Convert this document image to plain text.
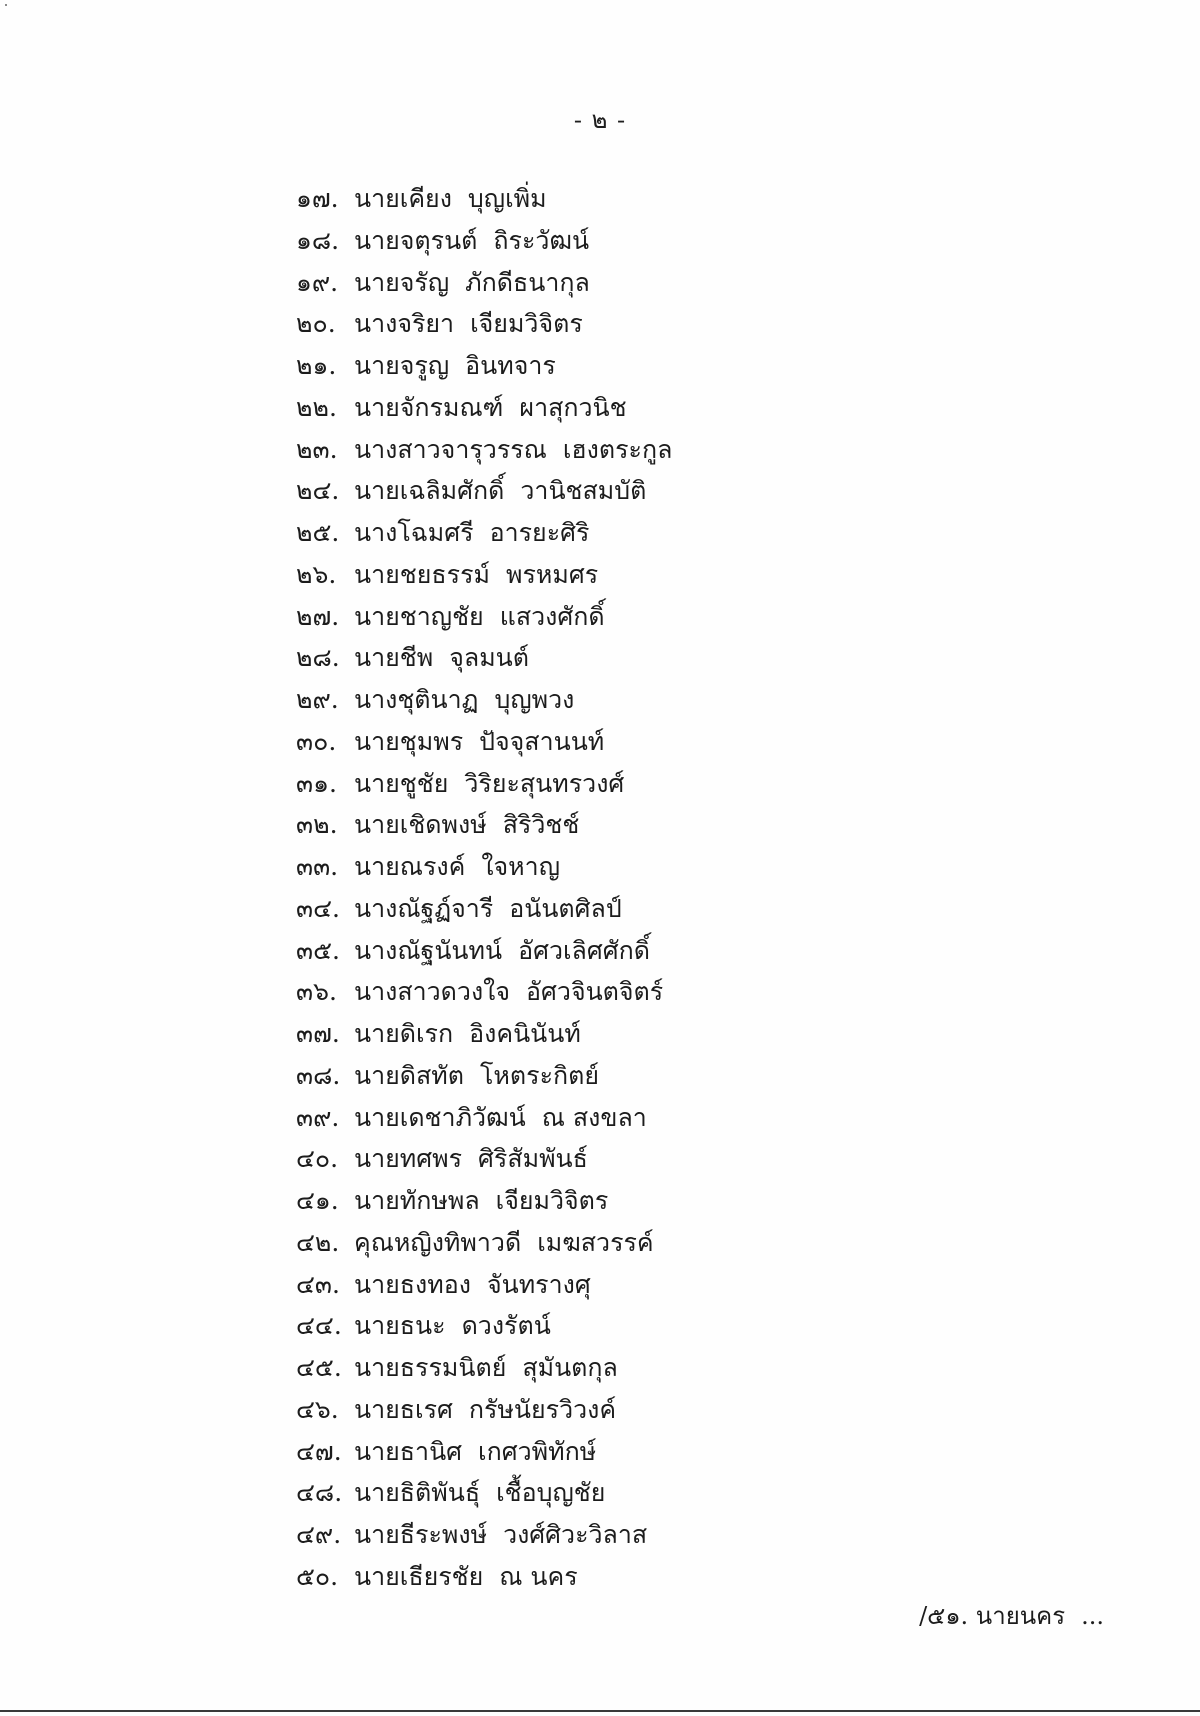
- ๒ -
๑๗. นายเคียง บุญเพิ่ม
๑๘. นายจตุรนต์ ถิระวัฒน์
๑๙. นายจรัญ ภักดีธนากุล
๒๐. นางจริยา เจียมวิจิตร
๒๑. นายจรูญ อินทจาร
๒๒. นายจักรมณฑ์ ผาสุกวนิช
๒๓. นางสาวจารุวรรณ เฮงตระกูล
๒๔. นายเฉลิมศักดิ์ วานิชสมบัติ
๒๕. นางโฉมศรี อารยะศิริ
๒๖. นายชยธรรม์ พรหมศร
๒๗. นายชาญชัย แสวงศักดิ์
๒๘. นายชีพ จุลมนต์
๒๙. นางชุตินาฏ บุญพวง
๓๐. นายชุมพร ปัจจุสานนท์
๓๑. นายชูชัย วิริยะสุนทรวงศ์
๓๒. นายเชิดพงษ์ สิริวิชช์
๓๓. นายณรงค์ ใจหาญ
๓๔. นางณัฐฏ์จารี อนันตศิลป์
๓๕. นางณัฐนันทน์ อัศวเลิศศักดิ์
๓๖. นางสาวดวงใจ อัศวจินตจิตร์
๓๗. นายดิเรก อิงคนินันท์
๓๘. นายดิสทัต โหตระกิตย์
๓๙. นายเดชาภิวัฒน์ ณ สงขลา
๔๐. นายทศพร ศิริสัมพันธ์
๔๑. นายทักษพล เจียมวิจิตร
๔๒. คุณหญิงทิพาวดี เมฆสวรรค์
๔๓. นายธงทอง จันทรางศุ
๔๔. นายธนะ ดวงรัตน์
๔๕. นายธรรมนิตย์ สุมันตกุล
๔๖. นายธเรศ กรัษนัยรวิวงค์
๔๗. นายธานิศ เกศวพิทักษ์
๔๘. นายธิติพันธุ์ เชื้อบุญชัย
๔๙. นายธีระพงษ์ วงศ์ศิวะวิลาส
๕๐. นายเธียรชัย ณ นคร
/๕๑. นายนคร ...
